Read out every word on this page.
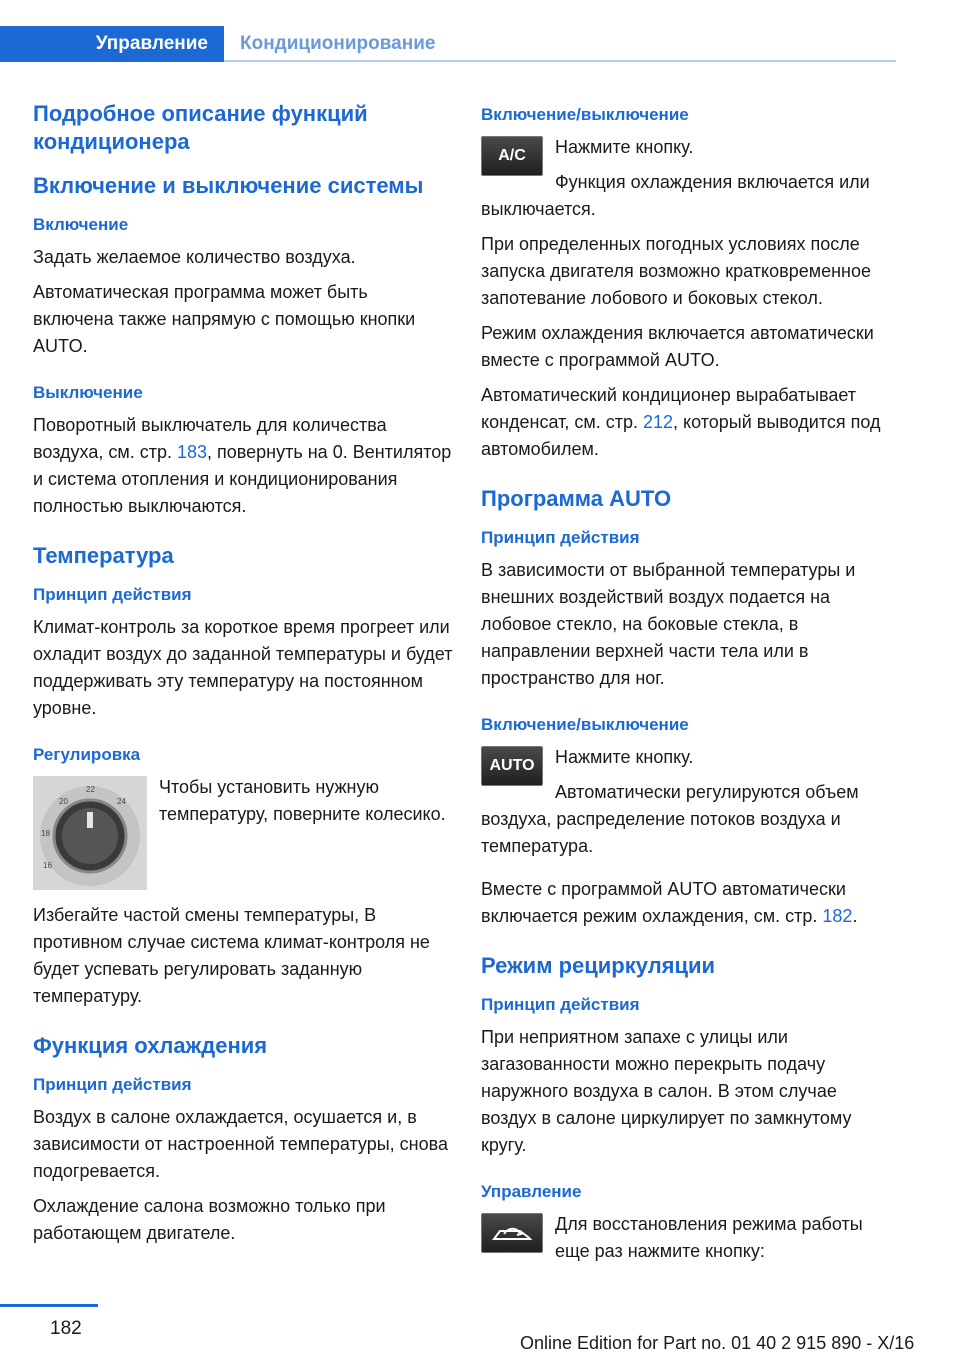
Управление	Кондиционирование
Подробное описание функций кондиционера
Включение и выключение системы
Включение
Задать желаемое количество воздуха.
Автоматическая программа может быть включена также напрямую с помощью кнопки AUTO.
Выключение
Поворотный выключатель для количества воздуха, см. стр. 183, повернуть на 0. Вентилятор и система отопления и кондиционирования полностью выключаются.
Температура
Принцип действия
Климат-контроль за короткое время прогреет или охладит воздух до заданной температуры и будет поддерживать эту температуру на постоянном уровне.
Регулировка
20
22
24
18
16
Чтобы установить нужную температуру, поверните колесико.
Избегайте частой смены температуры, В противном случае система климат-контроля не будет успевать регулировать заданную температуру.
Функция охлаждения
Принцип действия
Воздух в салоне охлаждается, осушается и, в зависимости от настроенной температуры, снова подогревается.
Охлаждение салона возможно только при работающем двигателе.
Включение/выключение
A/C	Нажмите кнопку.
Функция охлаждения включается или выключается.
При определенных погодных условиях после запуска двигателя возможно кратковременное запотевание лобового и боковых стекол.
Режим охлаждения включается автоматически вместе с программой AUTO.
Автоматический кондиционер вырабатывает конденсат, см. стр. 212, который выводится под автомобилем.
Программа AUTO
Принцип действия
В зависимости от выбранной температуры и внешних воздействий воздух подается на лобовое стекло, на боковые стекла, в направлении верхней части тела или в пространство для ног.
Включение/выключение
AUTO	Нажмите кнопку.
Автоматически регулируются объем воздуха, распределение потоков воздуха и температура.
Вместе с программой AUTO автоматически включается режим охлаждения, см. стр. 182.
Режим рециркуляции
Принцип действия
При неприятном запахе с улицы или загазованности можно перекрыть подачу наружного воздуха в салон. В этом случае воздух в салоне циркулирует по замкнутому кругу.
Управление
Для восстановления режима работы еще раз нажмите кнопку:
182
Online Edition for Part no. 01 40 2 915 890 - X/16
